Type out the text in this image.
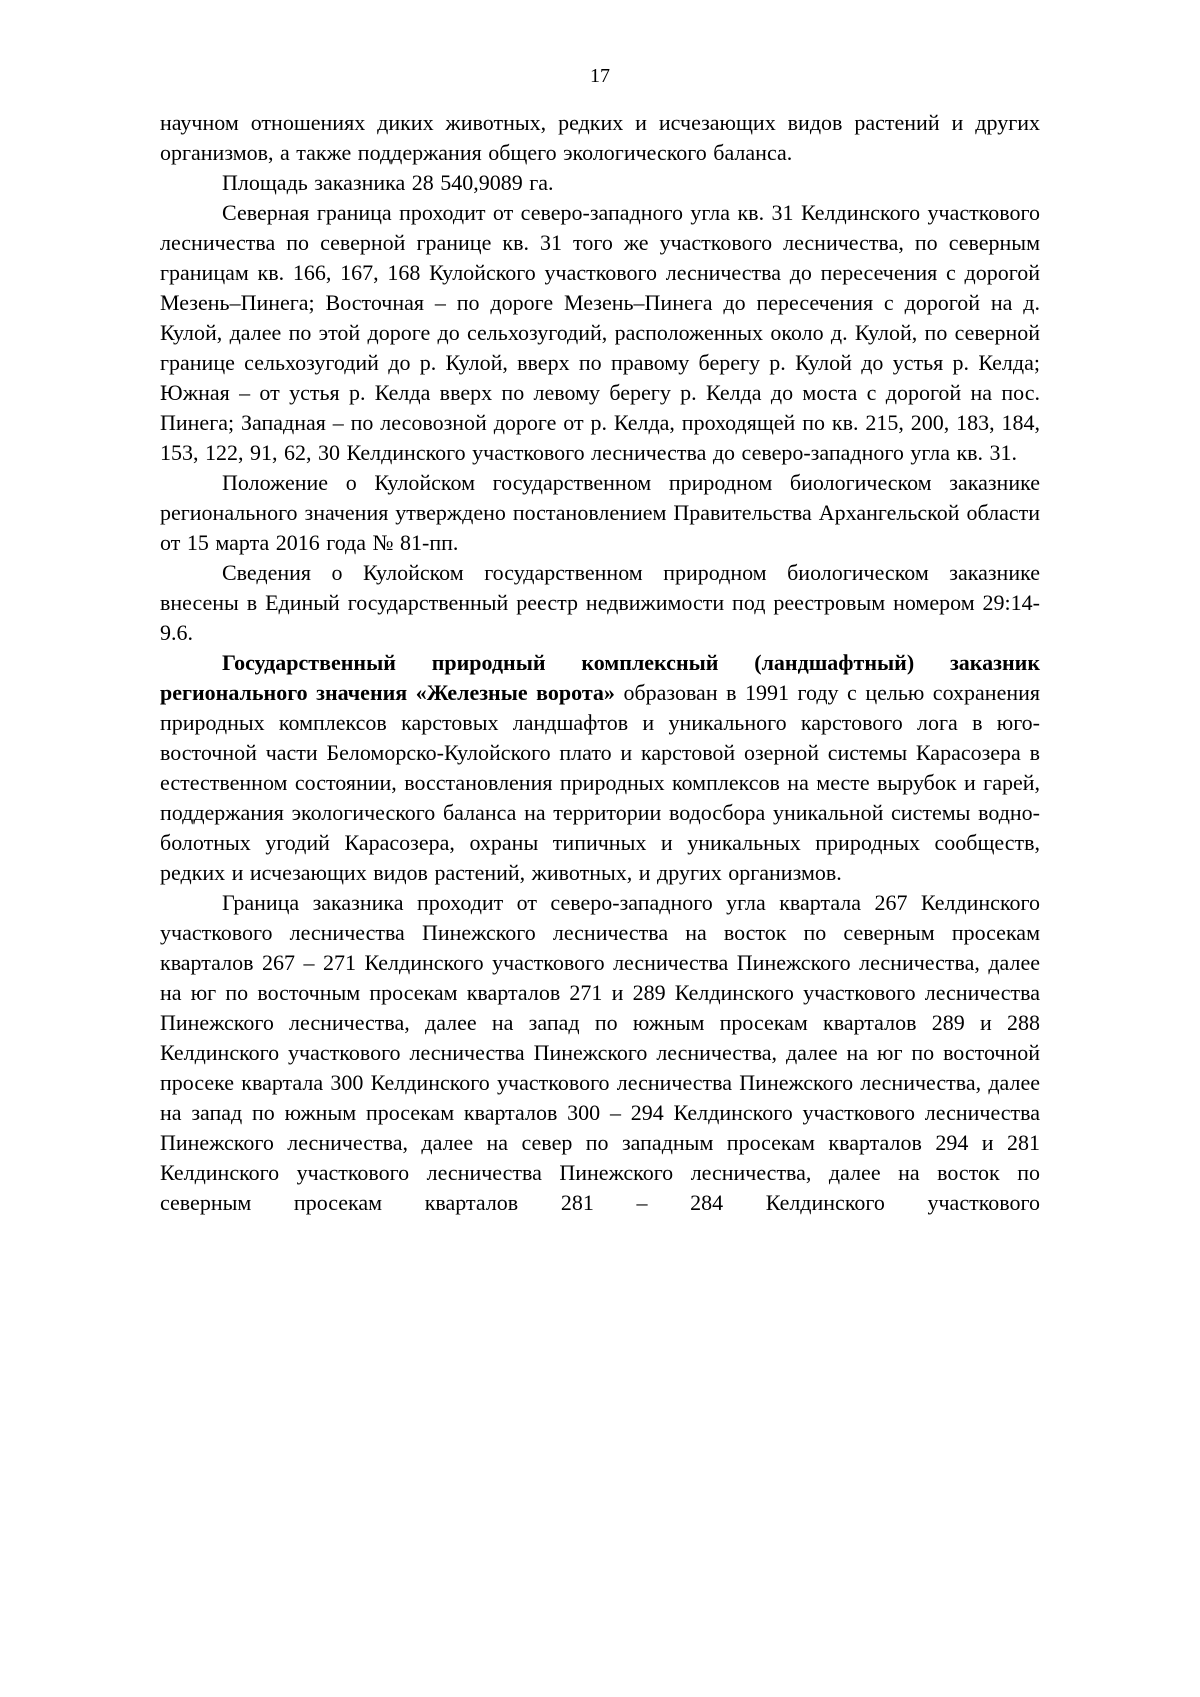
17

научном отношениях диких животных, редких и исчезающих видов растений и других организмов, а также поддержания общего экологического баланса.

Площадь заказника 28 540,9089 га.

Северная граница проходит от северо-западного угла кв. 31 Келдинского участкового лесничества по северной границе кв. 31 того же участкового лесничества, по северным границам кв. 166, 167, 168 Кулойского участкового лесничества до пересечения с дорогой Мезень–Пинега; Восточная – по дороге Мезень–Пинега до пересечения с дорогой на д. Кулой, далее по этой дороге до сельхозугодий, расположенных около д. Кулой, по северной границе сельхозугодий до р. Кулой, вверх по правому берегу р. Кулой до устья р. Келда; Южная – от устья р. Келда вверх по левому берегу р. Келда до моста с дорогой на пос. Пинега; Западная – по лесовозной дороге от р. Келда, проходящей по кв. 215, 200, 183, 184, 153, 122, 91, 62, 30 Келдинского участкового лесничества до северо-западного угла кв. 31.

Положение о Кулойском государственном природном биологическом заказнике регионального значения утверждено постановлением Правительства Архангельской области от 15 марта 2016 года № 81-пп.

Сведения о Кулойском государственном природном биологическом заказнике внесены в Единый государственный реестр недвижимости под реестровым номером 29:14-9.6.

Государственный природный комплексный (ландшафтный) заказник регионального значения «Железные ворота» образован в 1991 году с целью сохранения природных комплексов карстовых ландшафтов и уникального карстового лога в юго-восточной части Беломорско-Кулойского плато и карстовой озерной системы Карасозера в естественном состоянии, восстановления природных комплексов на месте вырубок и гарей, поддержания экологического баланса на территории водосбора уникальной системы водно-болотных угодий Карасозера, охраны типичных и уникальных природных сообществ, редких и исчезающих видов растений, животных, и других организмов.

Граница заказника проходит от северо-западного угла квартала 267 Келдинского участкового лесничества Пинежского лесничества на восток по северным просекам кварталов 267 – 271 Келдинского участкового лесничества Пинежского лесничества, далее на юг по восточным просекам кварталов 271 и 289 Келдинского участкового лесничества Пинежского лесничества, далее на запад по южным просекам кварталов 289 и 288 Келдинского участкового лесничества Пинежского лесничества, далее на юг по восточной просеке квартала 300 Келдинского участкового лесничества Пинежского лесничества, далее на запад по южным просекам кварталов 300 – 294 Келдинского участкового лесничества Пинежского лесничества, далее на север по западным просекам кварталов 294 и 281 Келдинского участкового лесничества Пинежского лесничества, далее на восток по северным просекам кварталов 281 – 284 Келдинского участкового
